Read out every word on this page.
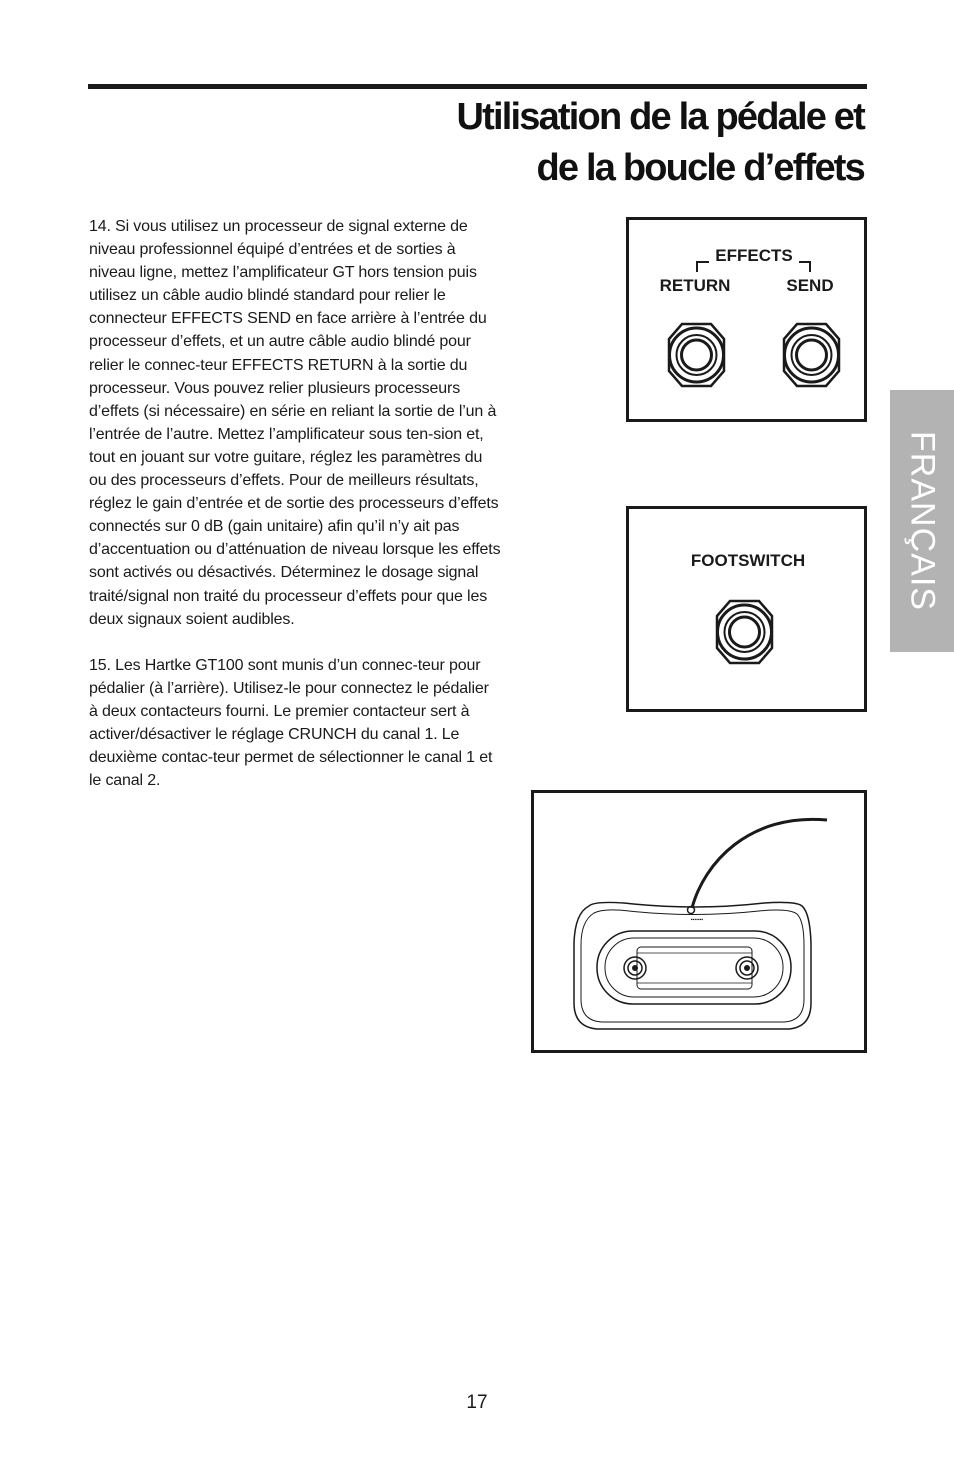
Utilisation de la pédale et
de la boucle d’effets

14. Si vous utilisez un processeur de signal externe de niveau professionnel équipé d’entrées et de sorties à niveau ligne, mettez l’amplificateur GT hors tension puis utilisez un câble audio blindé standard pour relier le connecteur EFFECTS SEND en face arrière à l’entrée du processeur d’effets, et un autre câble audio blindé pour relier le connec-teur EFFECTS RETURN à la sortie du processeur. Vous pouvez relier plusieurs processeurs d’effets (si nécessaire) en série en reliant la sortie de l’un à l’entrée de l’autre. Mettez l’amplificateur sous ten-sion et, tout en jouant sur votre guitare, réglez les paramètres du ou des processeurs d’effets. Pour de meilleurs résultats, réglez le gain d’entrée et de sortie des processeurs d’effets connectés sur 0 dB (gain unitaire) afin qu’il n’y ait pas d’accentuation ou d’atténuation de niveau lorsque les effets sont activés ou désactivés. Déterminez le dosage signal traité/signal non traité du processeur d’effets pour que les deux signaux soient audibles.

15. Les Hartke GT100 sont munis d’un connec-teur pour pédalier (à l’arrière). Utilisez-le pour connectez le pédalier à deux contacteurs fourni. Le premier contacteur sert à activer/désactiver le réglage CRUNCH du canal 1. Le deuxième contac-teur permet de sélectionner le canal 1 et le canal 2.

FRANÇAIS
EFFECTS
RETURN	SEND
FOOTSWITCH
▪▪▪▪▪▪▪
17
